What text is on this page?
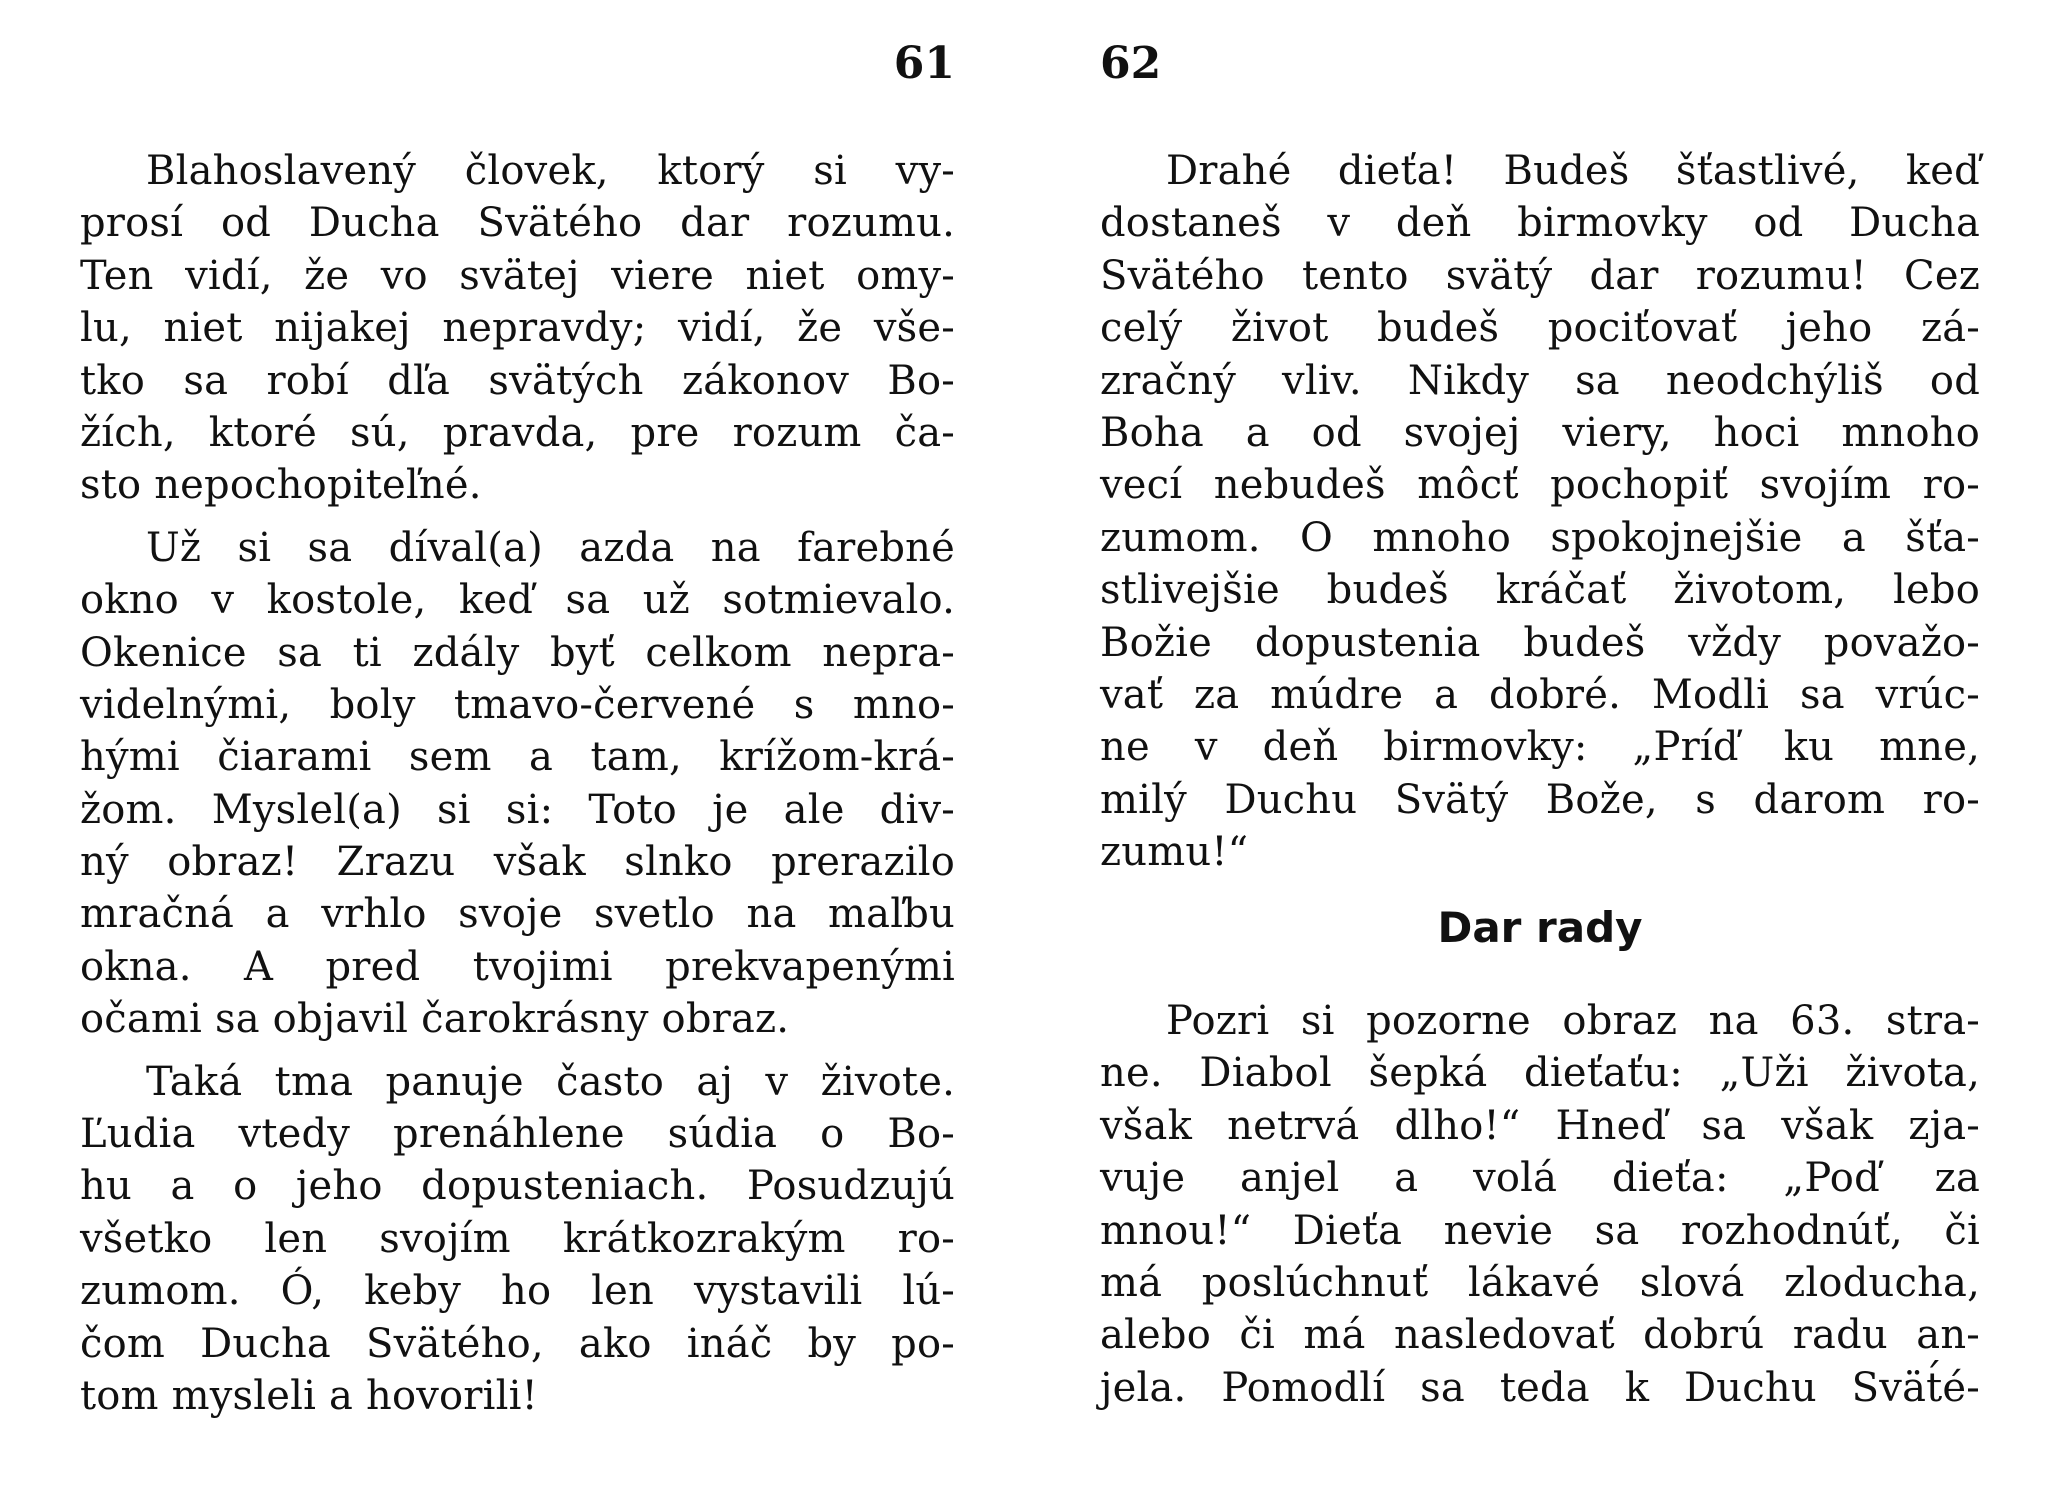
61
Blahoslavený človek, ktorý si vy-
prosí od Ducha Svätého dar rozumu.
Ten vidí, že vo svätej viere niet omy-
lu, niet nijakej nepravdy; vidí, že vše-
tko sa robí dľa svätých zákonov Bo-
žích, ktoré sú, pravda, pre rozum ča-
sto nepochopiteľné.
Už si sa díval(a) azda na farebné
okno v kostole, keď sa už sotmievalo.
Okenice sa ti zdály byť celkom nepra-
videlnými, boly tmavo-červené s mno-
hými čiarami sem a tam, krížom-krá-
žom. Myslel(a) si si: Toto je ale div-
ný obraz! Zrazu však slnko prerazilo
mračná a vrhlo svoje svetlo na maľbu
okna. A pred tvojimi prekvapenými
očami sa objavil čarokrásny obraz.
Taká tma panuje často aj v živote.
Ľudia vtedy prenáhlene súdia o Bo-
hu a o jeho dopusteniach. Posudzujú
všetko len svojím krátkozrakým ro-
zumom. Ó, keby ho len vystavili lú-
čom Ducha Svätého, ako ináč by po-
tom mysleli a hovorili!
62
Drahé dieťa! Budeš šťastlivé, keď
dostaneš v deň birmovky od Ducha
Svätého tento svätý dar rozumu! Cez
celý život budeš pociťovať jeho zá-
zračný vliv. Nikdy sa neodchýliš od
Boha a od svojej viery, hoci mnoho
vecí nebudeš môcť pochopiť svojím ro-
zumom. O mnoho spokojnejšie a šťa-
stlivejšie budeš kráčať životom, lebo
Božie dopustenia budeš vždy považo-
vať za múdre a dobré. Modli sa vrúc-
ne v deň birmovky: „Príď ku mne,
milý Duchu Svätý Bože, s darom ro-
zumu!“
Dar rady
Pozri si pozorne obraz na 63. stra-
ne. Diabol šepká dieťaťu: „Uži života,
však netrvá dlho!“ Hneď sa však zja-
vuje anjel a volá dieťa: „Poď za
mnou!“ Dieťa nevie sa rozhodnúť, či
má poslúchnuť lákavé slová zloducha,
alebo či má nasledovať dobrú radu an-
jela. Pomodlí sa teda k Duchu Svät́é-
